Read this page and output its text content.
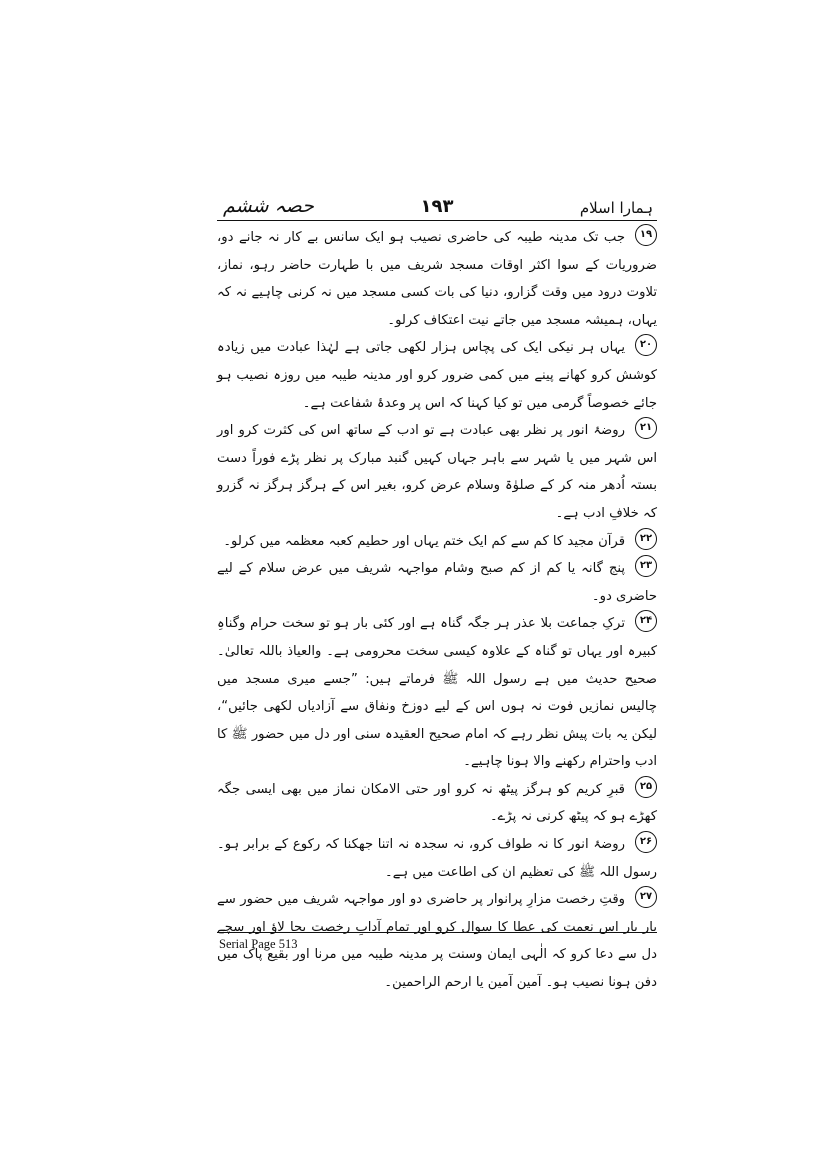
حصہ ششم	۱۹۳	ہمارا اسلام

۱۹جب تک مدینہ طیبہ کی حاضری نصیب ہو ایک سانس بے کار نہ جانے دو، ضروریات کے سوا اکثر اوقات مسجد شریف میں با طہارت حاضر رہو، نماز، تلاوت درود میں وقت گزارو، دنیا کی بات کسی مسجد میں نہ کرنی چاہیے نہ کہ یہاں، ہمیشہ مسجد میں جاتے نیت اعتکاف کرلو۔

۲۰یہاں ہر نیکی ایک کی پچاس ہزار لکھی جاتی ہے لہٰذا عبادت میں زیادہ کوشش کرو کھانے پینے میں کمی ضرور کرو اور مدینہ طیبہ میں روزہ نصیب ہو جائے خصوصاً گرمی میں تو کیا کہنا کہ اس پر وعدۂ شفاعت ہے۔

۲۱روضۂ انور پر نظر بھی عبادت ہے تو ادب کے ساتھ اس کی کثرت کرو اور اس شہر میں یا شہر سے باہر جہاں کہیں گنبد مبارک پر نظر پڑے فوراً دست بستہ اُدھر منہ کر کے صلوٰۃ وسلام عرض کرو، بغیر اس کے ہرگز ہرگز نہ گزرو کہ خلافِ ادب ہے۔

۲۲قرآن مجید کا کم سے کم ایک ختم یہاں اور حطیم کعبہ معظمہ میں کرلو۔

۲۳پنج گانہ یا کم از کم صبح وشام مواجہہ شریف میں عرض سلام کے لیے حاضری دو۔

۲۴ترکِ جماعت بلا عذر ہر جگہ گناہ ہے اور کئی بار ہو تو سخت حرام وگناہِ کبیرہ اور یہاں تو گناہ کے علاوہ کیسی سخت محرومی ہے۔ والعیاذ باللہ تعالیٰ۔ صحیح حدیث میں ہے رسول اللہ ﷺ فرماتے ہیں: ”جسے میری مسجد میں چالیس نمازیں فوت نہ ہوں اس کے لیے دوزخ ونفاق سے آزادیاں لکھی جائیں“، لیکن یہ بات پیش نظر رہے کہ امام صحیح العقیدہ سنی اور دل میں حضور ﷺ کا ادب واحترام رکھنے والا ہونا چاہیے۔

۲۵قبرِ کریم کو ہرگز پیٹھ نہ کرو اور حتی الامکان نماز میں بھی ایسی جگہ کھڑے ہو کہ پیٹھ کرنی نہ پڑے۔

۲۶روضۂ انور کا نہ طواف کرو، نہ سجدہ نہ اتنا جھکنا کہ رکوع کے برابر ہو۔ رسول اللہ ﷺ کی تعظیم ان کی اطاعت میں ہے۔

۲۷وقتِ رخصت مزارِ پرانوار پر حاضری دو اور مواجہہ شریف میں حضور سے بار بار اس نعمت کی عطا کا سوال کرو اور تمام آدابِ رخصت بجا لاؤ اور سچے دل سے دعا کرو کہ الٰہی ایمان وسنت پر مدینہ طیبہ میں مرنا اور بقیع پاک میں دفن ہونا نصیب ہو۔ آمین آمین یا ارحم الراحمین۔

Serial Page 513
